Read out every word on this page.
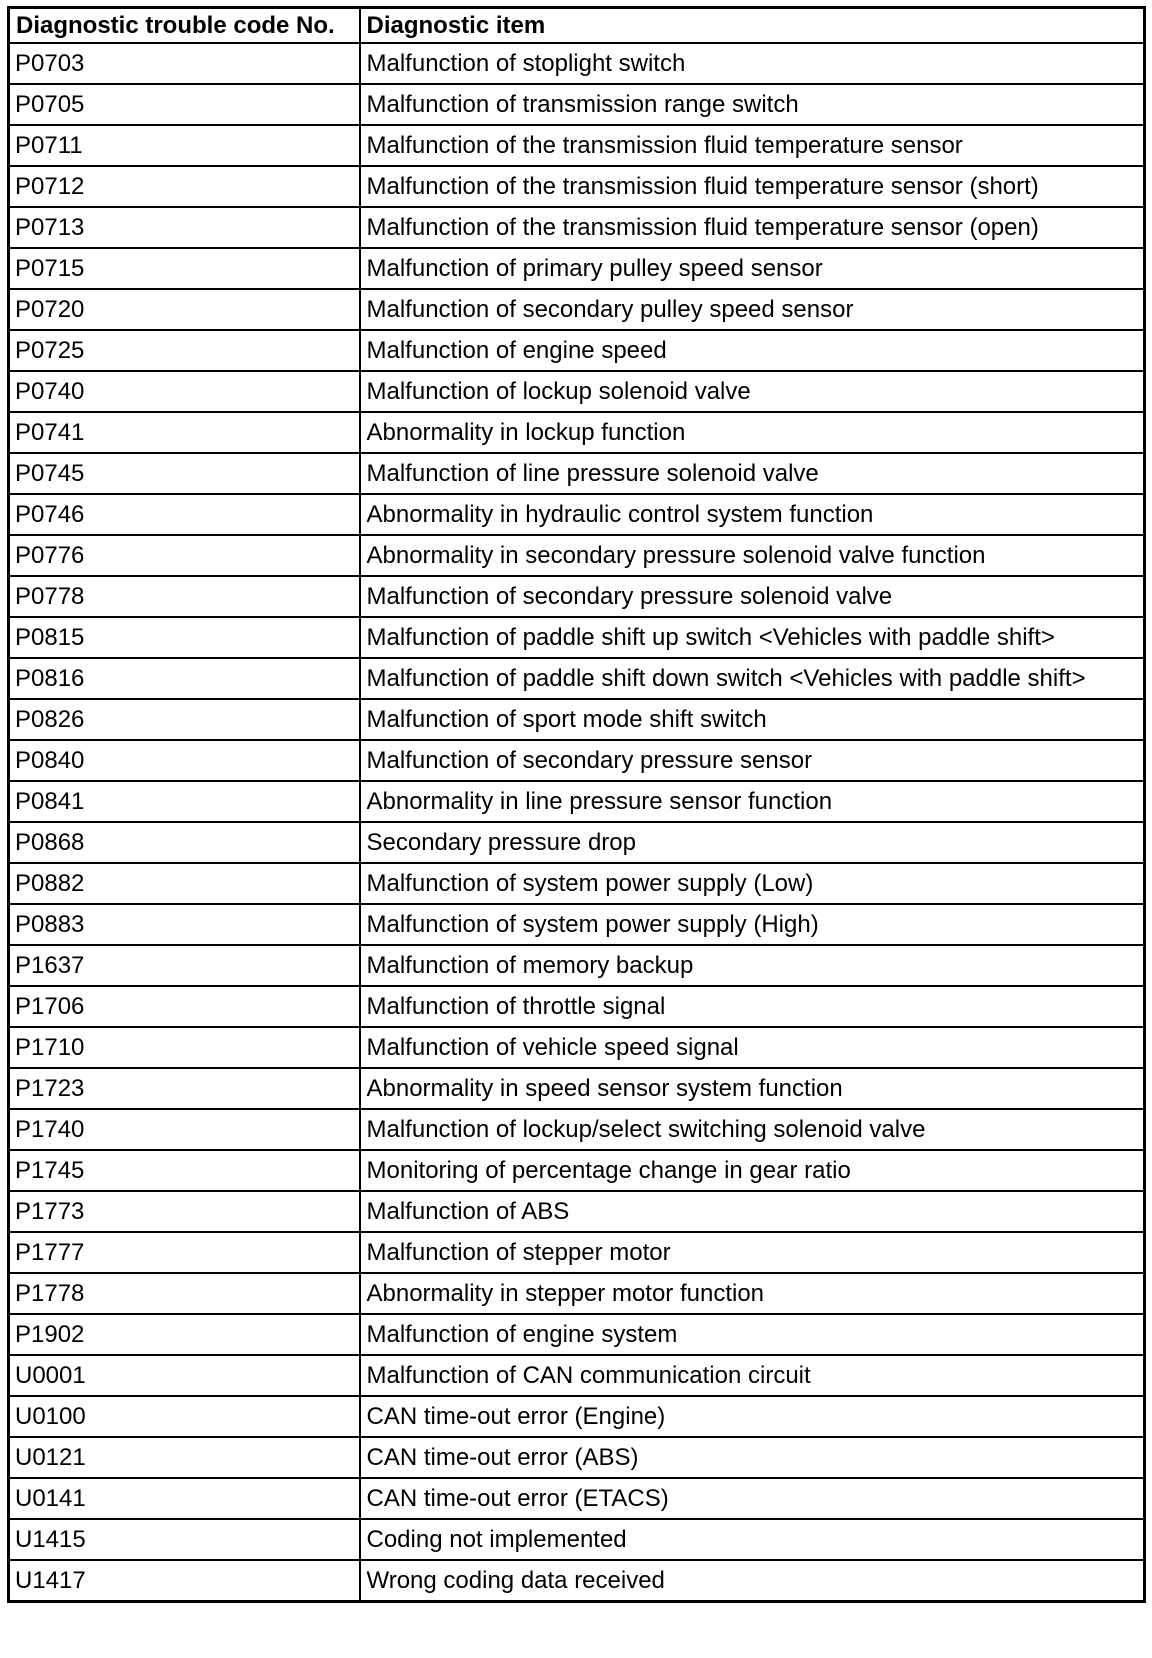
Diagnostic trouble code No.	Diagnostic item
P0703	Malfunction of stoplight switch
P0705	Malfunction of transmission range switch
P0711	Malfunction of the transmission fluid temperature sensor
P0712	Malfunction of the transmission fluid temperature sensor (short)
P0713	Malfunction of the transmission fluid temperature sensor (open)
P0715	Malfunction of primary pulley speed sensor
P0720	Malfunction of secondary pulley speed sensor
P0725	Malfunction of engine speed
P0740	Malfunction of lockup solenoid valve
P0741	Abnormality in lockup function
P0745	Malfunction of line pressure solenoid valve
P0746	Abnormality in hydraulic control system function
P0776	Abnormality in secondary pressure solenoid valve function
P0778	Malfunction of secondary pressure solenoid valve
P0815	Malfunction of paddle shift up switch <Vehicles with paddle shift>
P0816	Malfunction of paddle shift down switch <Vehicles with paddle shift>
P0826	Malfunction of sport mode shift switch
P0840	Malfunction of secondary pressure sensor
P0841	Abnormality in line pressure sensor function
P0868	Secondary pressure drop
P0882	Malfunction of system power supply (Low)
P0883	Malfunction of system power supply (High)
P1637	Malfunction of memory backup
P1706	Malfunction of throttle signal
P1710	Malfunction of vehicle speed signal
P1723	Abnormality in speed sensor system function
P1740	Malfunction of lockup/select switching solenoid valve
P1745	Monitoring of percentage change in gear ratio
P1773	Malfunction of ABS
P1777	Malfunction of stepper motor
P1778	Abnormality in stepper motor function
P1902	Malfunction of engine system
U0001	Malfunction of CAN communication circuit
U0100	CAN time-out error (Engine)
U0121	CAN time-out error (ABS)
U0141	CAN time-out error (ETACS)
U1415	Coding not implemented
U1417	Wrong coding data received
